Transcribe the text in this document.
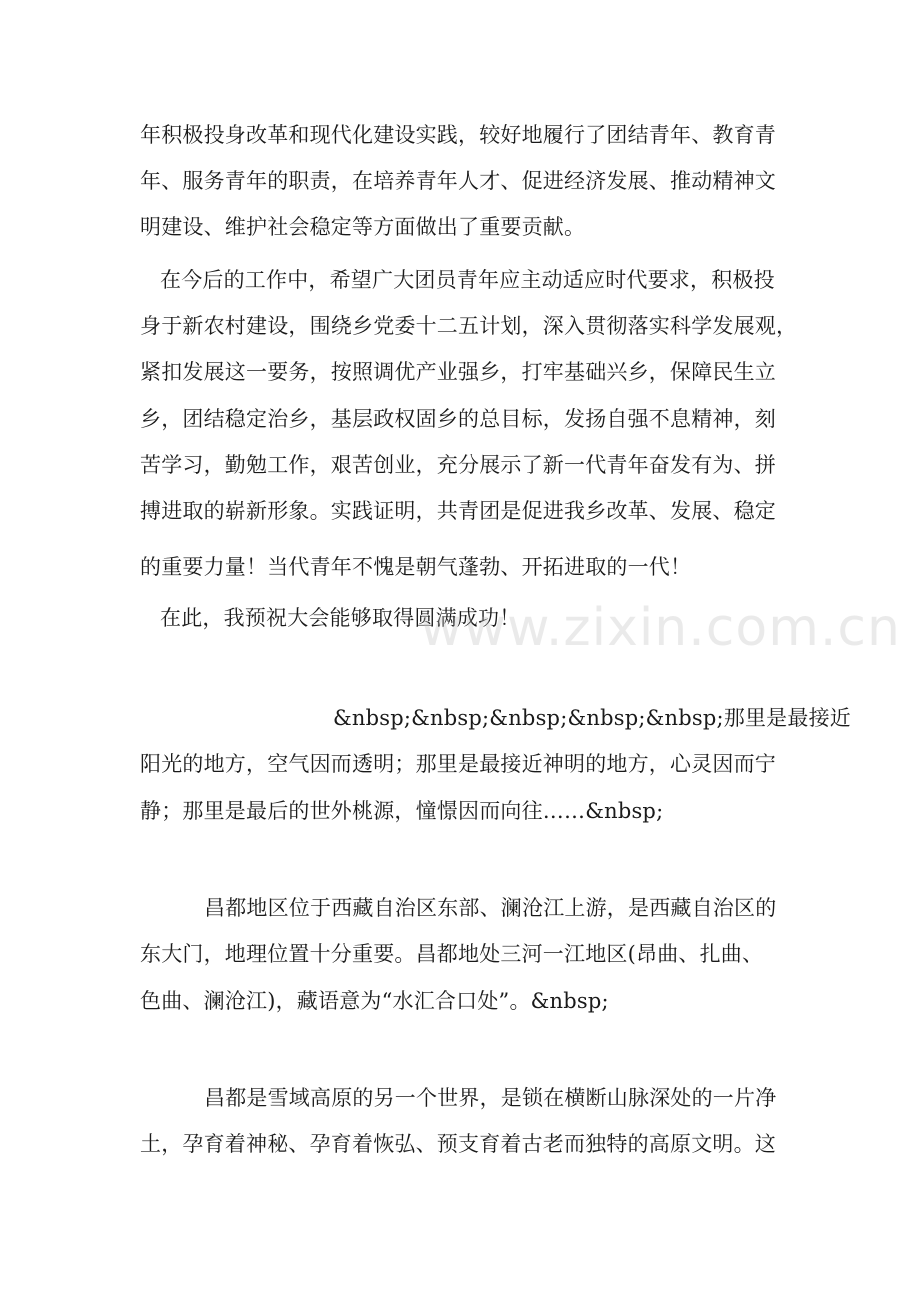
年积极投身改革和现代化建设实践，较好地履行了团结青年、教育青
年、服务青年的职责，在培养青年人才、促进经济发展、推动精神文
明建设、维护社会稳定等方面做出了重要贡献。
在今后的工作中，希望广大团员青年应主动适应时代要求，积极投
身于新农村建设，围绕乡党委十二五计划，深入贯彻落实科学发展观，
紧扣发展这一要务，按照调优产业强乡，打牢基础兴乡，保障民生立
乡，团结稳定治乡，基层政权固乡的总目标，发扬自强不息精神，刻
苦学习，勤勉工作，艰苦创业，充分展示了新一代青年奋发有为、拼
搏进取的崭新形象。实践证明，共青团是促进我乡改革、发展、稳定
的重要力量！当代青年不愧是朝气蓬勃、开拓进取的一代！
在此，我预祝大会能够取得圆满成功！
&nbsp;&nbsp;&nbsp;&nbsp;&nbsp;那里是最接近
阳光的地方，空气因而透明；那里是最接近神明的地方，心灵因而宁
静；那里是最后的世外桃源，憧憬因而向往……&nbsp;
昌都地区位于西藏自治区东部、澜沧江上游，是西藏自治区的
东大门，地理位置十分重要。昌都地处三河一江地区(昂曲、扎曲、
色曲、澜沧江)，藏语意为“水汇合口处”。&nbsp;
昌都是雪域高原的另一个世界，是锁在横断山脉深处的一片净
土，孕育着神秘、孕育着恢弘、预支育着古老而独特的高原文明。这
www.zixin.com.cn
